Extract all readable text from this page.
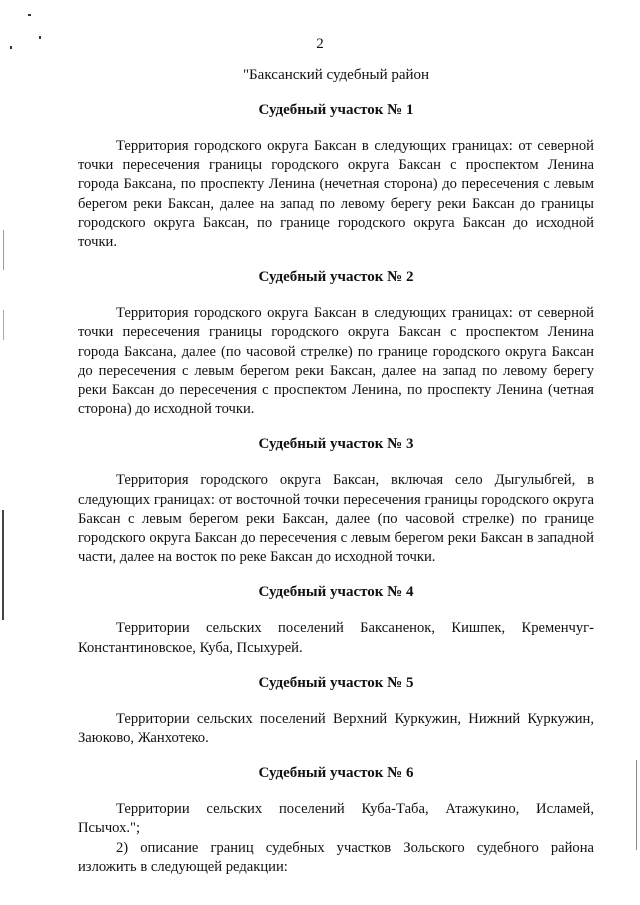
2

"Баксанский судебный район

Судебный участок № 1

Территория городского округа Баксан в следующих границах: от северной точки пересечения границы городского округа Баксан с проспектом Ленина города Баксана, по проспекту Ленина (нечетная сторона) до пересечения с левым берегом реки Баксан, далее на запад по левому берегу реки Баксан до границы городского округа Баксан, по границе городского округа Баксан до исходной точки.

Судебный участок № 2

Территория городского округа Баксан в следующих границах: от северной точки пересечения границы городского округа Баксан с проспектом Ленина города Баксана, далее (по часовой стрелке) по границе городского округа Баксан до пересечения с левым берегом реки Баксан, далее на запад по левому берегу реки Баксан до пересечения с проспектом Ленина, по проспекту Ленина (четная сторона) до исходной точки.

Судебный участок № 3

Территория городского округа Баксан, включая село Дыгулыбгей, в следующих границах: от восточной точки пересечения границы городского округа Баксан с левым берегом реки Баксан, далее (по часовой стрелке) по границе городского округа Баксан до пересечения с левым берегом реки Баксан в западной части, далее на восток по реке Баксан до исходной точки.

Судебный участок № 4

Территории сельских поселений Баксаненок, Кишпек, Кременчуг-Константиновское, Куба, Псыхурей.

Судебный участок № 5

Территории сельских поселений Верхний Куркужин, Нижний Куркужин, Заюково, Жанхотеко.

Судебный участок № 6

Территории сельских поселений Куба-Таба, Атажукино, Исламей, Псычох.";

2) описание границ судебных участков Зольского судебного района изложить в следующей редакции:
